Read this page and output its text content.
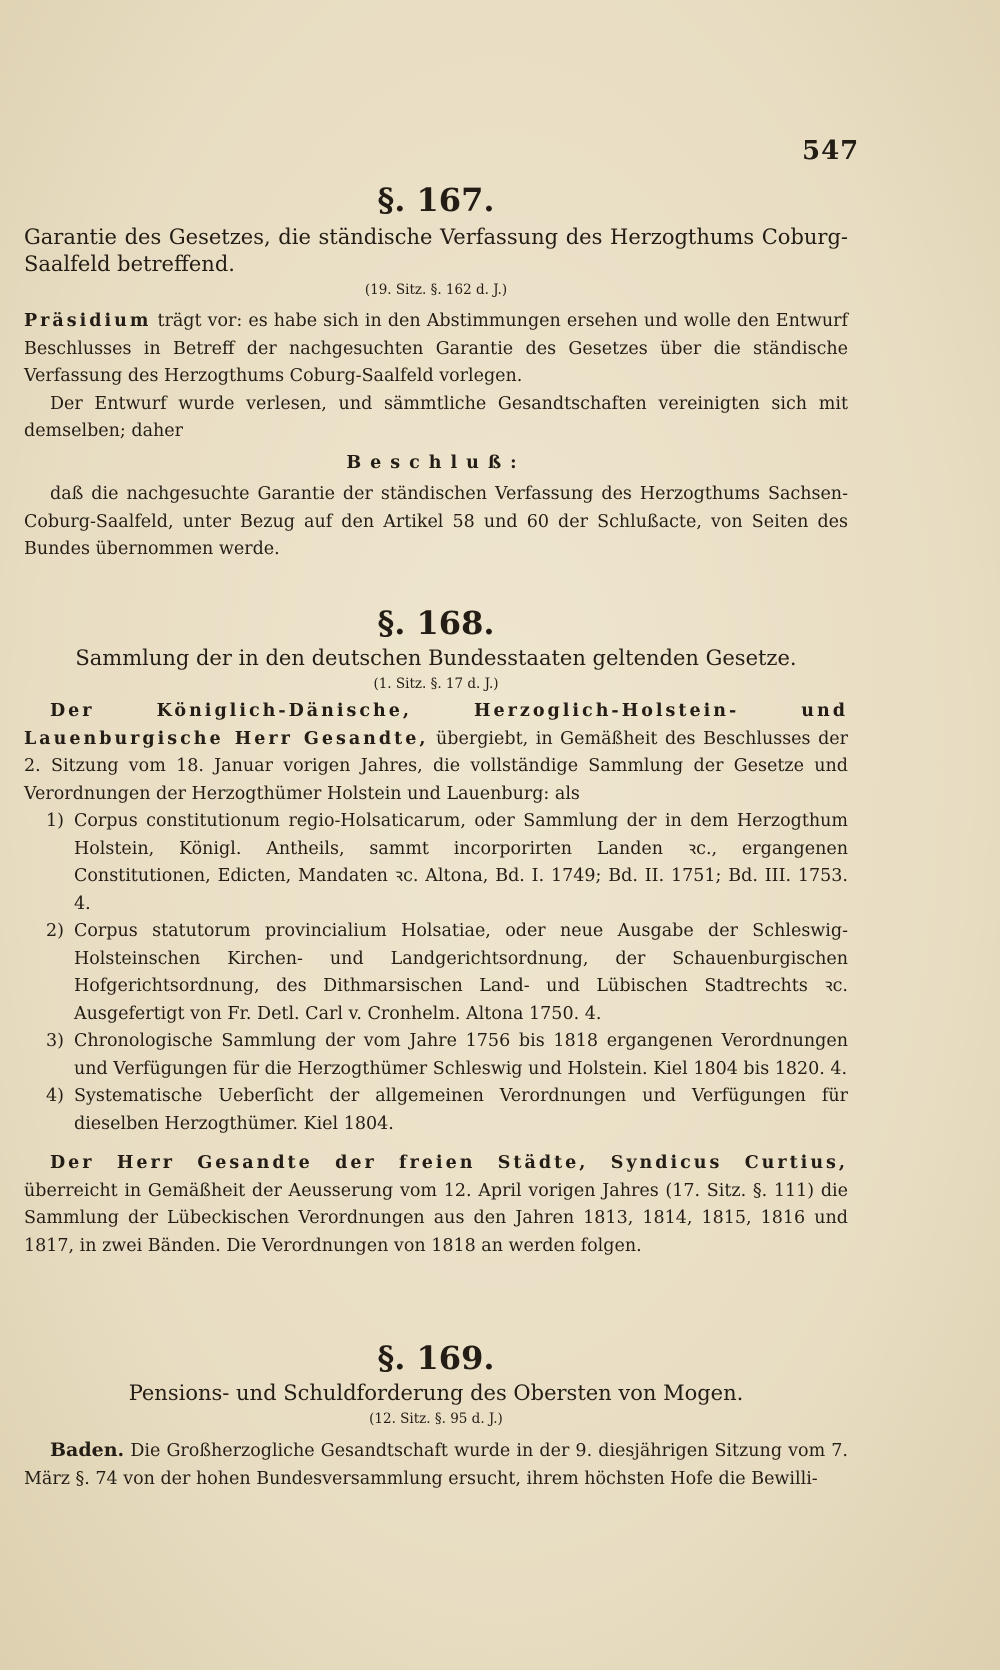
547
§. 167.

Garantie des Gesetzes, die ständische Verfassung des Herzogthums Coburg-Saalfeld betreffend.

(19. Sitz. §. 162 d. J.)

Präsidium trägt vor: es habe sich in den Abstimmungen ersehen und wolle den Entwurf Beschlusses in Betreff der nachgesuchten Garantie des Gesetzes über die ständische Verfassung des Herzogthums Coburg-Saalfeld vorlegen.

Der Entwurf wurde verlesen, und sämmtliche Gesandtschaften vereinigten sich mit demselben; daher

Beschluß:

daß die nachgesuchte Garantie der ständischen Verfassung des Herzogthums Sachsen-Coburg-Saalfeld, unter Bezug auf den Artikel 58 und 60 der Schlußacte, von Seiten des Bundes übernommen werde.

§. 168.

Sammlung der in den deutschen Bundesstaaten geltenden Gesetze.

(1. Sitz. §. 17 d. J.)

Der Königlich-Dänische, Herzoglich-Holstein- und Lauenburgische Herr Gesandte, übergiebt, in Gemäßheit des Beschlusses der 2. Sitzung vom 18. Januar vorigen Jahres, die vollständige Sammlung der Gesetze und Verordnungen der Herzogthümer Holstein und Lauenburg: als

1) Corpus constitutionum regio-Holsaticarum, oder Sammlung der in dem Herzogthum Holstein, Königl. Antheils, sammt incorporirten Landen ꝛc., ergangenen Constitutionen, Edicten, Mandaten ꝛc. Altona, Bd. I. 1749; Bd. II. 1751; Bd. III. 1753. 4.
2) Corpus statutorum provincialium Holsatiae, oder neue Ausgabe der Schleswig-Holsteinschen Kirchen- und Landgerichtsordnung, der Schauenburgischen Hofgerichtsordnung, des Dithmarsischen Land- und Lübischen Stadtrechts ꝛc. Ausgefertigt von Fr. Detl. Carl v. Cronhelm. Altona 1750. 4.
3) Chronologische Sammlung der vom Jahre 1756 bis 1818 ergangenen Verordnungen und Verfügungen für die Herzogthümer Schleswig und Holstein. Kiel 1804 bis 1820. 4.
4) Systematische Ueberſicht der allgemeinen Verordnungen und Verfügungen für dieselben Herzogthümer. Kiel 1804.

Der Herr Gesandte der freien Städte, Syndicus Curtius, überreicht in Gemäßheit der Aeusserung vom 12. April vorigen Jahres (17. Sitz. §. 111) die Sammlung der Lübeckischen Verordnungen aus den Jahren 1813, 1814, 1815, 1816 und 1817, in zwei Bänden. Die Verordnungen von 1818 an werden folgen.

§. 169.

Pensions- und Schuldforderung des Obersten von Mogen.

(12. Sitz. §. 95 d. J.)

Baden. Die Großherzogliche Gesandtschaft wurde in der 9. diesjährigen Sitzung vom 7. März §. 74 von der hohen Bundesversammlung ersucht, ihrem höchsten Hofe die Bewilli-
